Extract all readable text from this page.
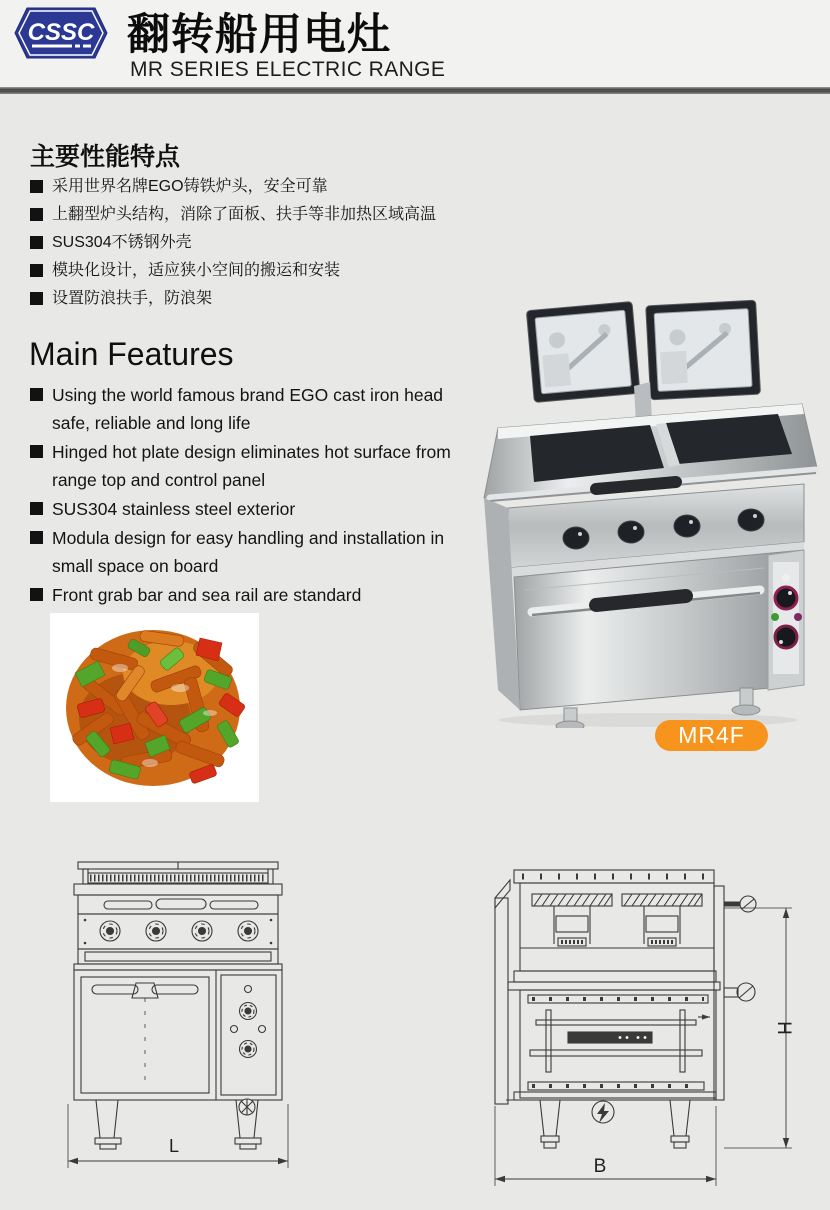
CSSC 翻转船用电灶
MR SERIES ELECTRIC RANGE
主要性能特点
采用世界名牌EGO铸铁炉头，安全可靠
上翻型炉头结构，消除了面板、扶手等非加热区域高温
SUS304不锈钢外壳
模块化设计，适应狭小空间的搬运和安装
设置防浪扶手，防浪架
Main Features
Using the world famous brand EGO cast iron head safe, reliable and long life
Hinged hot plate design eliminates hot surface from range top and control panel
SUS304 stainless steel exterior
Modula design for easy handling and installation in small space on board
Front grab bar and sea rail are standard
MR4F
L
B
H
